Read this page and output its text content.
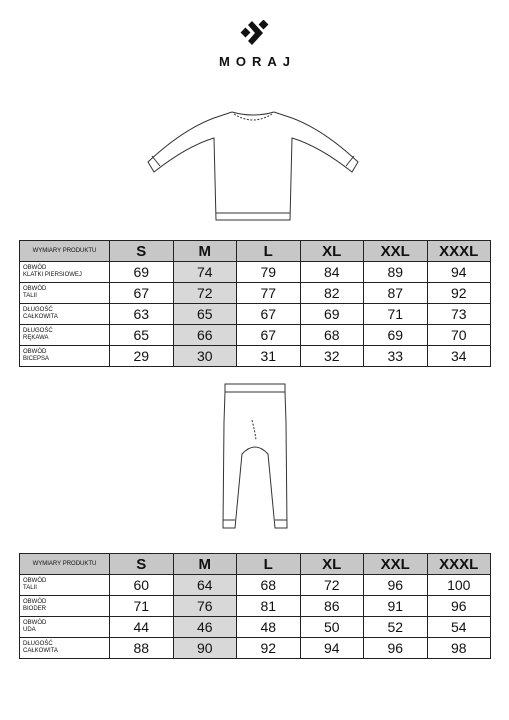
MORAJ
WYMIARY PRODUKTU	S	M	L	XL	XXL	XXXL
OBWÓD
KLATKI PIERSIOWEJ	69	74	79	84	89	94
OBWÓD
TALII	67	72	77	82	87	92
DŁUGOŚĆ
CAŁKOWITA	63	65	67	69	71	73
DŁUGOŚĆ
RĘKAWA	65	66	67	68	69	70
OBWÓD
BICEPSA	29	30	31	32	33	34
WYMIARY PRODUKTU	S	M	L	XL	XXL	XXXL
OBWÓD
TALII	60	64	68	72	96	100
OBWÓD
BIODER	71	76	81	86	91	96
OBWÓD
UDA	44	46	48	50	52	54
DŁUGOŚĆ
CAŁKOWITA	88	90	92	94	96	98
